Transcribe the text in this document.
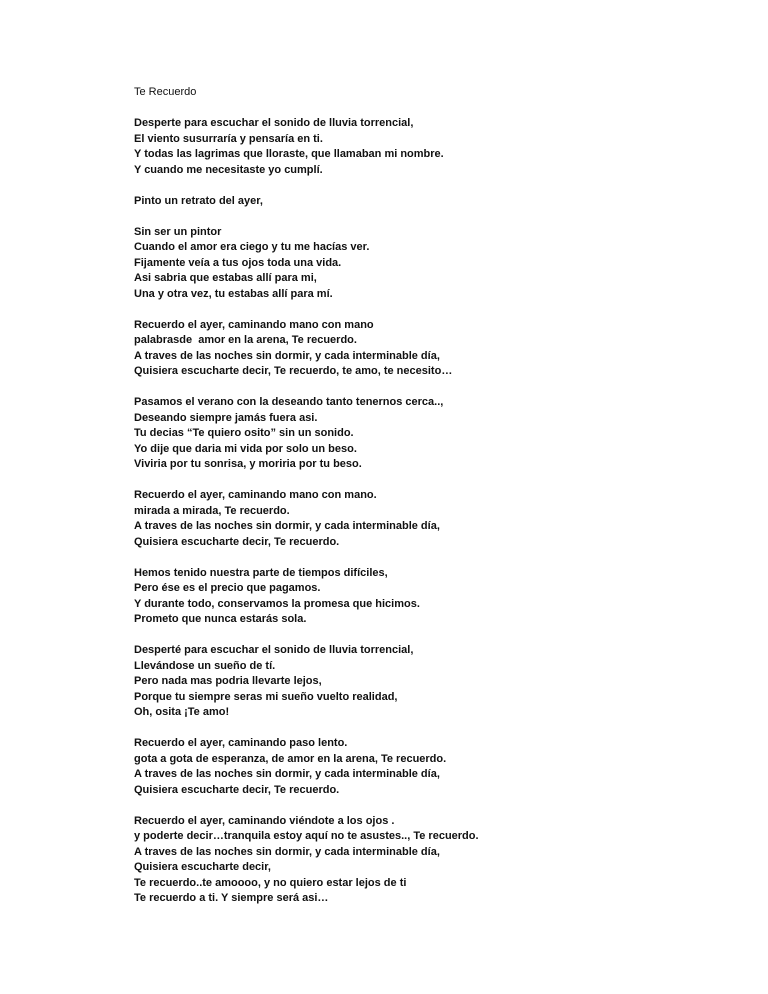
Te Recuerdo
Desperte para escuchar el sonido de lluvia torrencial,
El viento susurraría y pensaría en ti.
Y todas las lagrimas que lloraste, que llamaban mi nombre.
Y cuando me necesitaste yo cumplí.
Pinto un retrato del ayer,
Sin ser un pintor
Cuando el amor era ciego y tu me hacías ver.
Fijamente veía a tus ojos toda una vida.
Asi sabria que estabas allí para mi,
Una y otra vez, tu estabas allí para mí.
Recuerdo el ayer, caminando mano con mano
palabrasde  amor en la arena, Te recuerdo.
A traves de las noches sin dormir, y cada interminable día,
Quisiera escucharte decir, Te recuerdo, te amo, te necesito…
Pasamos el verano con la deseando tanto tenernos cerca..,
Deseando siempre jamás fuera asi.
Tu decias “Te quiero osito” sin un sonido.
Yo dije que daria mi vida por solo un beso.
Viviria por tu sonrisa, y moriria por tu beso.
Recuerdo el ayer, caminando mano con mano.
mirada a mirada, Te recuerdo.
A traves de las noches sin dormir, y cada interminable día,
Quisiera escucharte decir, Te recuerdo.
Hemos tenido nuestra parte de tiempos difíciles,
Pero ése es el precio que pagamos.
Y durante todo, conservamos la promesa que hicimos.
Prometo que nunca estarás sola.
Desperté para escuchar el sonido de lluvia torrencial,
Llevándose un sueño de tí.
Pero nada mas podria llevarte lejos,
Porque tu siempre seras mi sueño vuelto realidad,
Oh, osita ¡Te amo!
Recuerdo el ayer, caminando paso lento.
gota a gota de esperanza, de amor en la arena, Te recuerdo.
A traves de las noches sin dormir, y cada interminable día,
Quisiera escucharte decir, Te recuerdo.
Recuerdo el ayer, caminando viéndote a los ojos .
y poderte decir…tranquila estoy aquí no te asustes.., Te recuerdo.
A traves de las noches sin dormir, y cada interminable día,
Quisiera escucharte decir,
Te recuerdo..te amoooo, y no quiero estar lejos de ti
Te recuerdo a ti. Y siempre será asi…
